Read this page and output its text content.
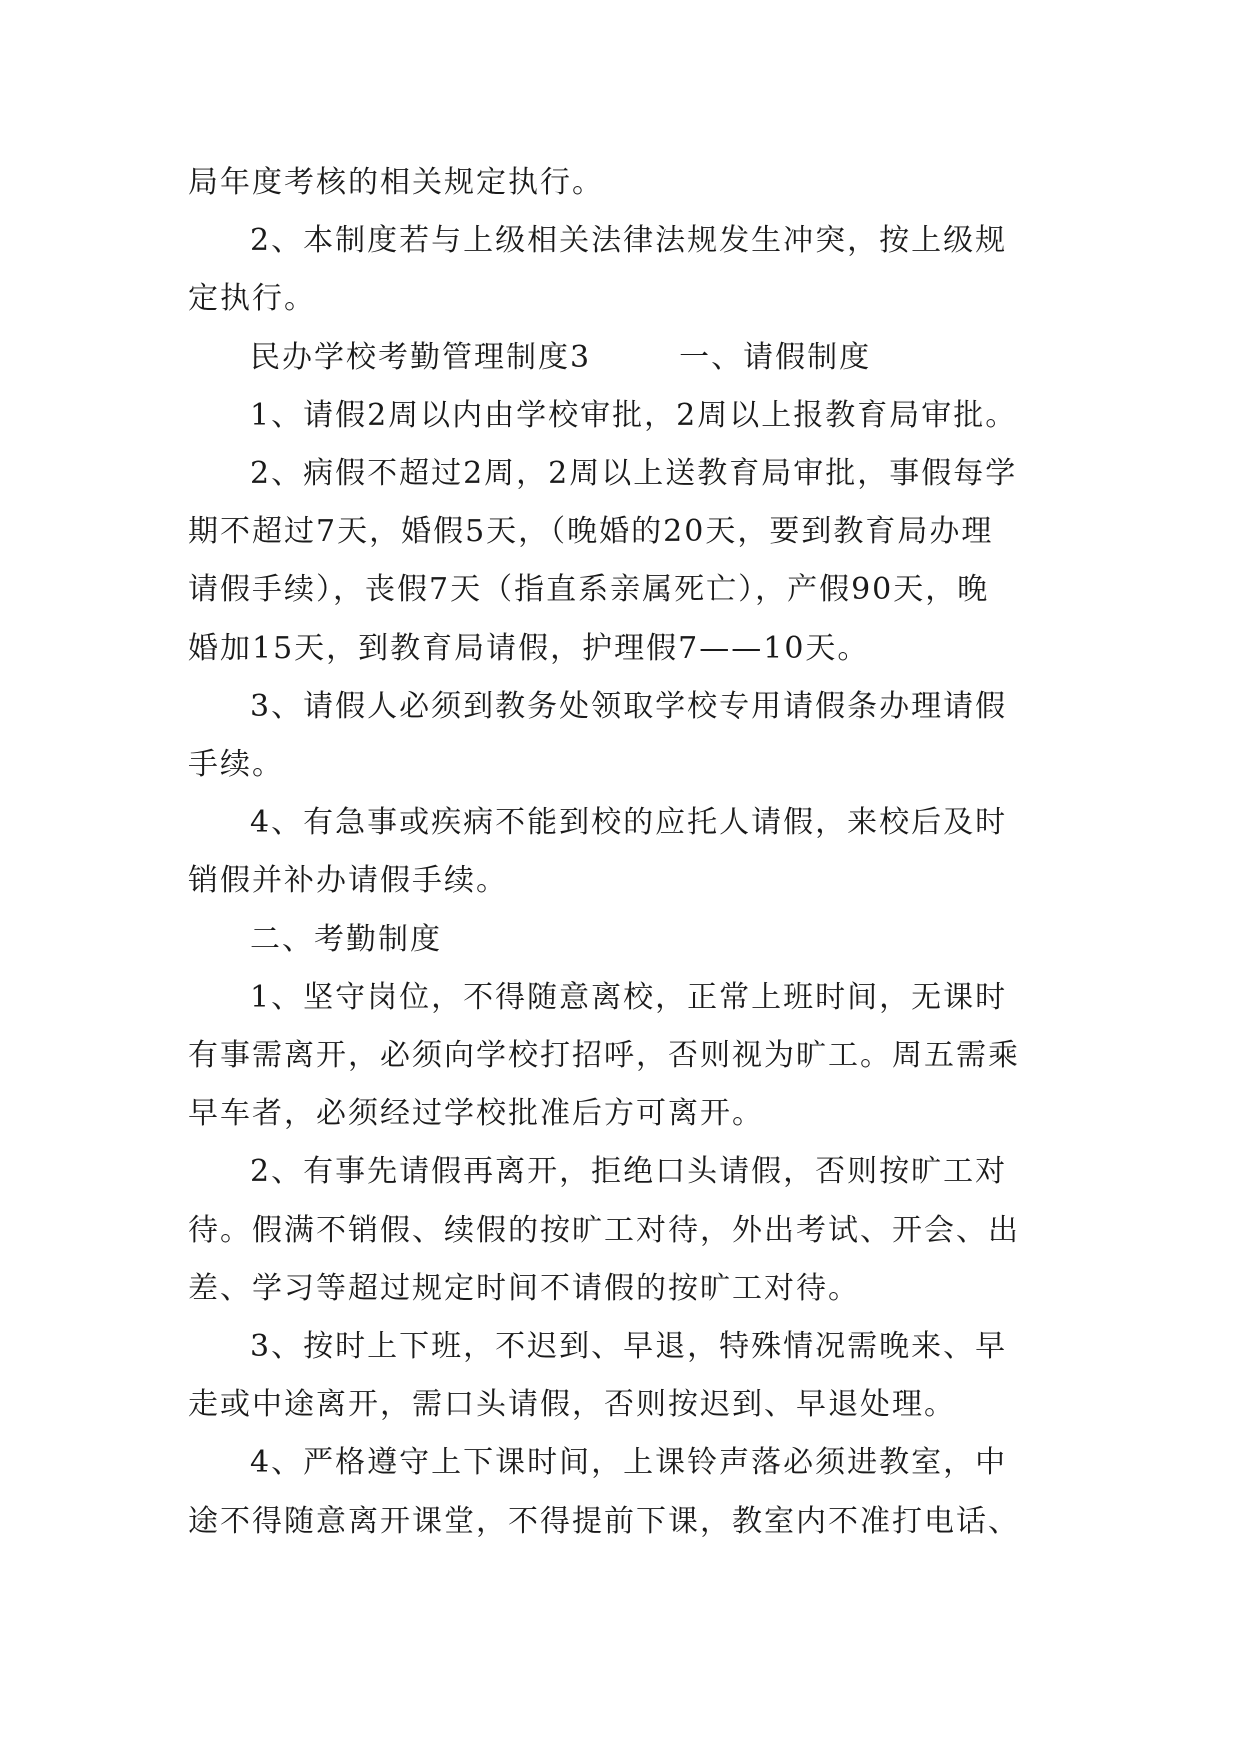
局年度考核的相关规定执行。
2、本制度若与上级相关法律法规发生冲突，按上级规
定执行。
民办学校考勤管理制度3	一、请假制度
1、请假2周以内由学校审批，2周以上报教育局审批。
2、病假不超过2周，2周以上送教育局审批，事假每学
期不超过7天，婚假5天，（晚婚的20天，要到教育局办理
请假手续），丧假7天（指直系亲属死亡），产假90天，晚
婚加15天，到教育局请假，护理假7——10天。
3、请假人必须到教务处领取学校专用请假条办理请假
手续。
4、有急事或疾病不能到校的应托人请假，来校后及时
销假并补办请假手续。
二、考勤制度
1、坚守岗位，不得随意离校，正常上班时间，无课时
有事需离开，必须向学校打招呼，否则视为旷工。周五需乘
早车者，必须经过学校批准后方可离开。
2、有事先请假再离开，拒绝口头请假，否则按旷工对
待。假满不销假、续假的按旷工对待，外出考试、开会、出
差、学习等超过规定时间不请假的按旷工对待。
3、按时上下班，不迟到、早退，特殊情况需晚来、早
走或中途离开，需口头请假，否则按迟到、早退处理。
4、严格遵守上下课时间，上课铃声落必须进教室，中
途不得随意离开课堂，不得提前下课，教室内不准打电话、
